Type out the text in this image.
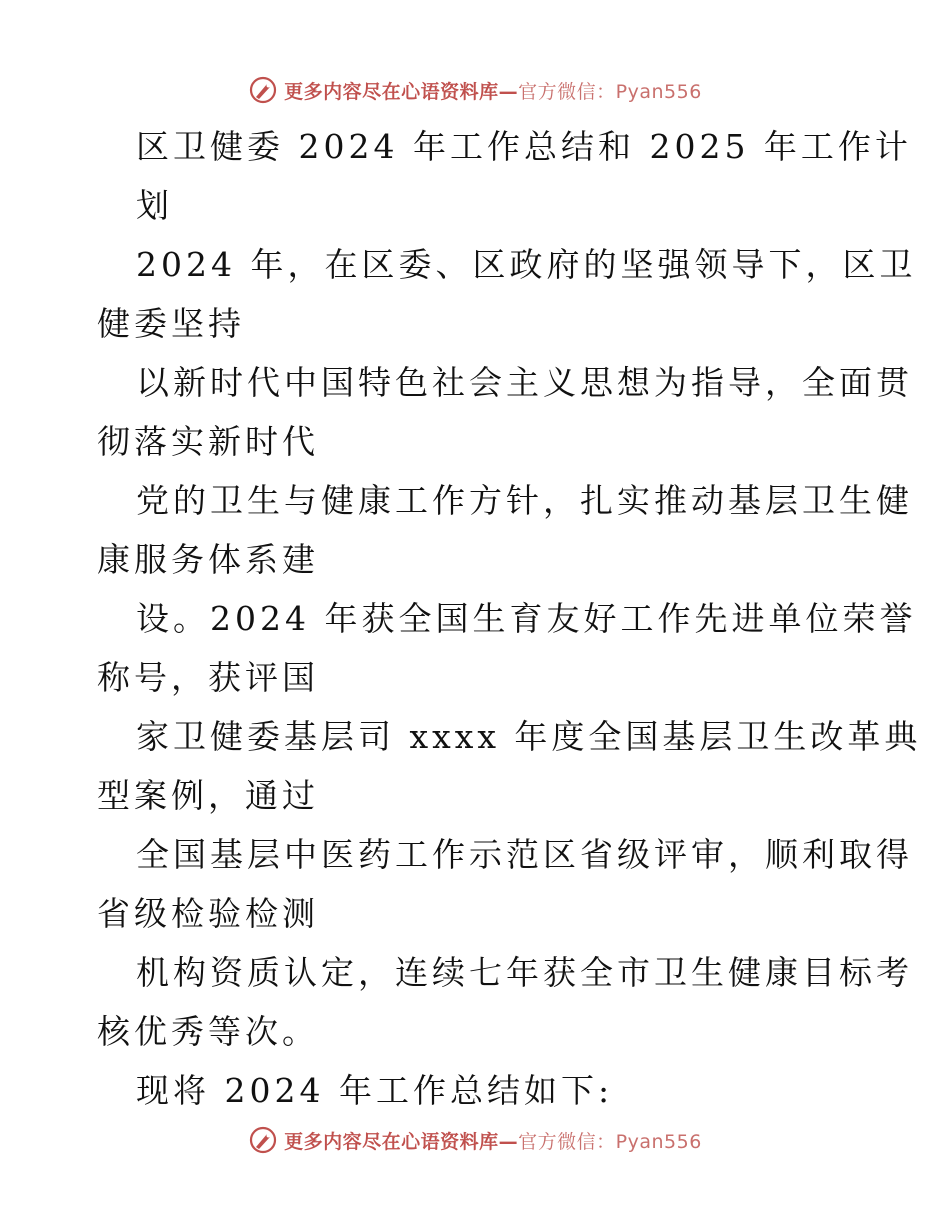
更多内容尽在心语资料库—官方微信：Pyan556
区卫健委 2024 年工作总结和 2025 年工作计
划
2024 年，在区委、区政府的坚强领导下，区卫
健委坚持
以新时代中国特色社会主义思想为指导，全面贯
彻落实新时代
党的卫生与健康工作方针，扎实推动基层卫生健
康服务体系建
设。2024 年获全国生育友好工作先进单位荣誉
称号，获评国
家卫健委基层司 xxxx 年度全国基层卫生改革典
型案例，通过
全国基层中医药工作示范区省级评审，顺利取得
省级检验检测
机构资质认定，连续七年获全市卫生健康目标考
核优秀等次。
现将 2024 年工作总结如下:
更多内容尽在心语资料库—官方微信：Pyan556
